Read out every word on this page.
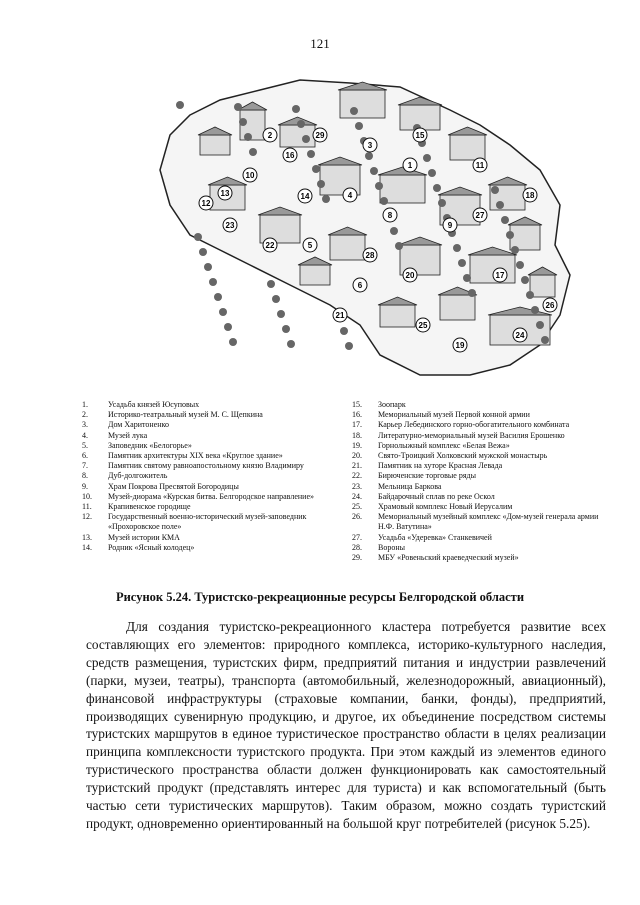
121
13	14
12
25
10
16
3
1
2
4
5
6
8
9
11
15
17
18
19
20
21
22
23
24
26
27
28
29
1.	Усадьба князей Юсуповых
2.	Историко-театральный музей М. С. Щепкина
3.	Дом Харитоненко
4.	Музей лука
5.	Заповедник «Белогорье»
6.	Памятник архитектуры XIX века «Круглое здание»
7.	Памятник святому равноапостольному князю Владимиру
8.	Дуб-долгожитель
9.	Храм Покрова Пресвятой Богородицы
10.	Музей-диорама «Курская битва. Белгородское направление»
11.	Крапивенское городище
12.	Государственный военно-исторический музей-заповедник «Прохоровское поле»
13.	Музей истории КМА
14.	Родник «Ясный колодец»
15.	Зоопарк
16.	Мемориальный музей Первой конной армии
17.	Карьер Лебединского горно-обогатительного комбината
18.	Литературно-мемориальный музей Василия Ерошенко
19.	Горнолыжный комплекс «Белая Вежа»
20.	Свято-Троицкий Холковский мужской монастырь
21.	Памятник на хуторе Красная Левада
22.	Бирюченские торговые ряды
23.	Мельница Баркова
24.	Байдарочный сплав по реке Оскол
25.	Храмовый комплекс Новый Иерусалим
26.	Мемориальный музейный комплекс «Дом-музей генерала армии Н.Ф. Ватутина»
27.	Усадьба «Удеревка» Станкевичей
28.	Вороны
29.	МБУ «Ровеньский краеведческий музей»
Рисунок 5.24. Туристско-рекреационные ресурсы Белгородской области

Для создания туристско-рекреационного кластера потребуется развитие всех составляющих его элементов: природного комплекса, историко-культурного наследия, средств размещения, туристских фирм, предприятий питания и индустрии развлечений (парки, музеи, театры), транспорта (автомобильный, железнодорожный, авиационный), финансовой инфраструктуры (страховые компании, банки, фонды), предприятий, производящих сувенирную продукцию, и другое, их объединение посредством системы туристских маршрутов в единое туристическое пространство области в целях реализации принципа комплексности туристского продукта. При этом каждый из элементов единого туристического пространства области должен функционировать как самостоятельный туристский продукт (представлять интерес для туриста) и как вспомогательный (быть частью сети туристических маршрутов). Таким образом, можно создать туристский продукт, одновременно ориентированный на большой круг потребителей (рисунок 5.25).
